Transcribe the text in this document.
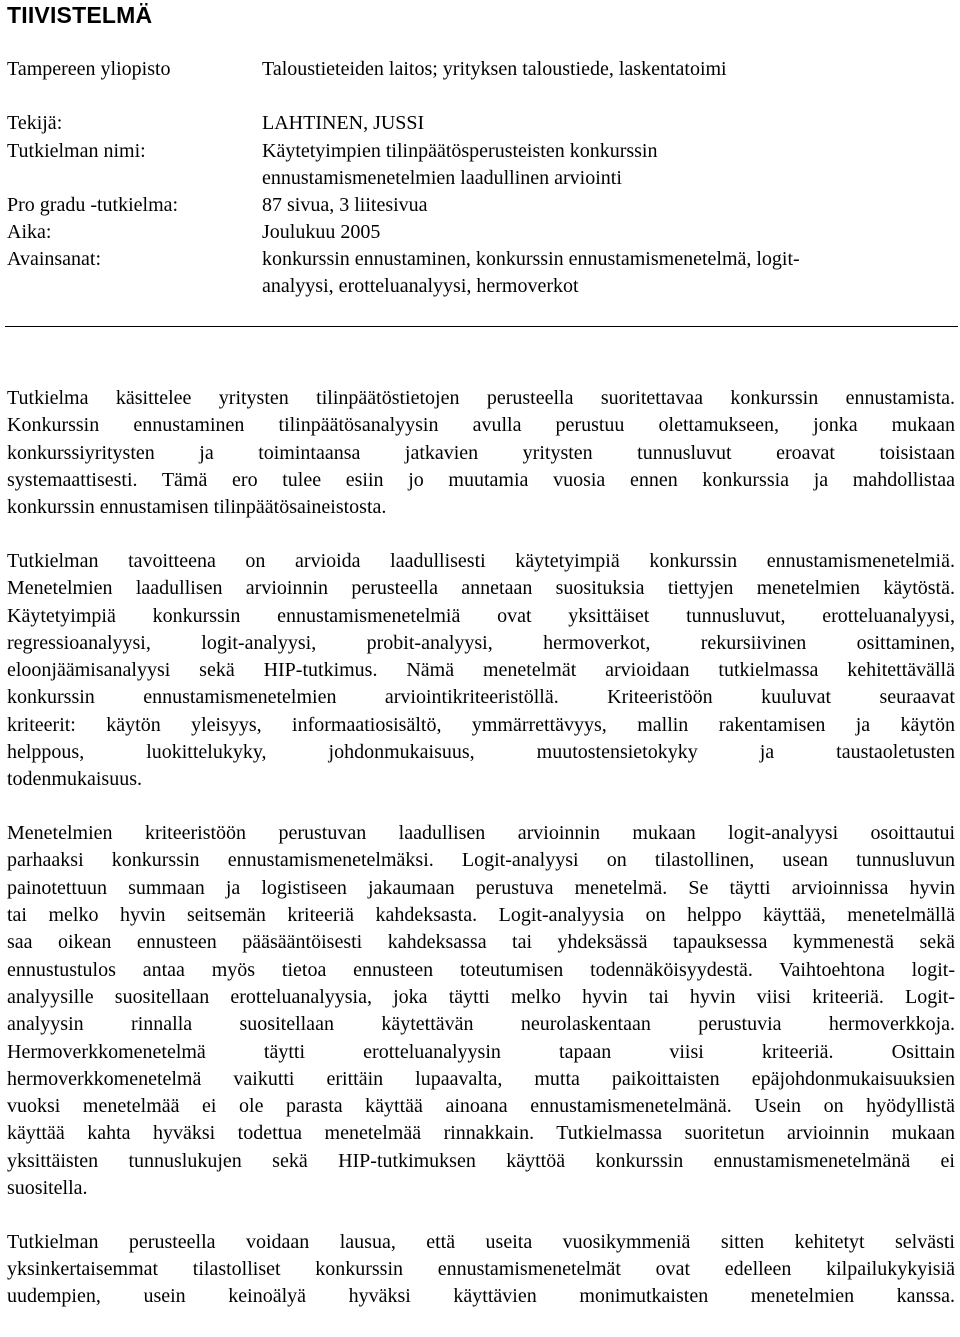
TIIVISTELMÄ
Tampereen yliopisto	Taloustieteiden laitos; yrityksen taloustiede, laskentatoimi
Tekijä:	LAHTINEN, JUSSI
Tutkielman nimi:	Käytetyimpien tilinpäätösperusteisten konkurssin
ennustamismenetelmien laadullinen arviointi
Pro gradu -tutkielma:	87 sivua, 3 liitesivua
Aika:	Joulukuu 2005
Avainsanat:	konkurssin ennustaminen, konkurssin ennustamismenetelmä, logit-
analyysi, erotteluanalyysi, hermoverkot
Tutkielma käsittelee yritysten tilinpäätöstietojen perusteella suoritettavaa konkurssin ennustamista.
Konkurssin ennustaminen tilinpäätösanalyysin avulla perustuu olettamukseen, jonka mukaan
konkurssiyritysten ja toimintaansa jatkavien yritysten tunnusluvut eroavat toisistaan
systemaattisesti. Tämä ero tulee esiin jo muutamia vuosia ennen konkurssia ja mahdollistaa
konkurssin ennustamisen tilinpäätösaineistosta.
Tutkielman tavoitteena on arvioida laadullisesti käytetyimpiä konkurssin ennustamismenetelmiä.
Menetelmien laadullisen arvioinnin perusteella annetaan suosituksia tiettyjen menetelmien käytöstä.
Käytetyimpiä konkurssin ennustamismenetelmiä ovat yksittäiset tunnusluvut, erotteluanalyysi,
regressioanalyysi, logit-analyysi, probit-analyysi, hermoverkot, rekursiivinen osittaminen,
eloonjäämisanalyysi sekä HIP-tutkimus. Nämä menetelmät arvioidaan tutkielmassa kehitettävällä
konkurssin ennustamismenetelmien arviointikriteeristöllä. Kriteeristöön kuuluvat seuraavat
kriteerit: käytön yleisyys, informaatiosisältö, ymmärrettävyys, mallin rakentamisen ja käytön
helppous, luokittelukyky, johdonmukaisuus, muutostensietokyky ja taustaoletusten
todenmukaisuus.
Menetelmien kriteeristöön perustuvan laadullisen arvioinnin mukaan logit-analyysi osoittautui
parhaaksi konkurssin ennustamismenetelmäksi. Logit-analyysi on tilastollinen, usean tunnusluvun
painotettuun summaan ja logistiseen jakaumaan perustuva menetelmä. Se täytti arvioinnissa hyvin
tai melko hyvin seitsemän kriteeriä kahdeksasta. Logit-analyysia on helppo käyttää, menetelmällä
saa oikean ennusteen pääsääntöisesti kahdeksassa tai yhdeksässä tapauksessa kymmenestä sekä
ennustustulos antaa myös tietoa ennusteen toteutumisen todennäköisyydestä. Vaihtoehtona logit-
analyysille suositellaan erotteluanalyysia, joka täytti melko hyvin tai hyvin viisi kriteeriä. Logit-
analyysin rinnalla suositellaan käytettävän neurolaskentaan perustuvia hermoverkkoja.
Hermoverkkomenetelmä täytti erotteluanalyysin tapaan viisi kriteeriä. Osittain
hermoverkkomenetelmä vaikutti erittäin lupaavalta, mutta paikoittaisten epäjohdonmukaisuuksien
vuoksi menetelmää ei ole parasta käyttää ainoana ennustamismenetelmänä. Usein on hyödyllistä
käyttää kahta hyväksi todettua menetelmää rinnakkain. Tutkielmassa suoritetun arvioinnin mukaan
yksittäisten tunnuslukujen sekä HIP-tutkimuksen käyttöä konkurssin ennustamismenetelmänä ei
suositella.
Tutkielman perusteella voidaan lausua, että useita vuosikymmeniä sitten kehitetyt selvästi
yksinkertaisemmat tilastolliset konkurssin ennustamismenetelmät ovat edelleen kilpailukykyisiä
uudempien, usein keinoälyä hyväksi käyttävien monimutkaisten menetelmien kanssa.
